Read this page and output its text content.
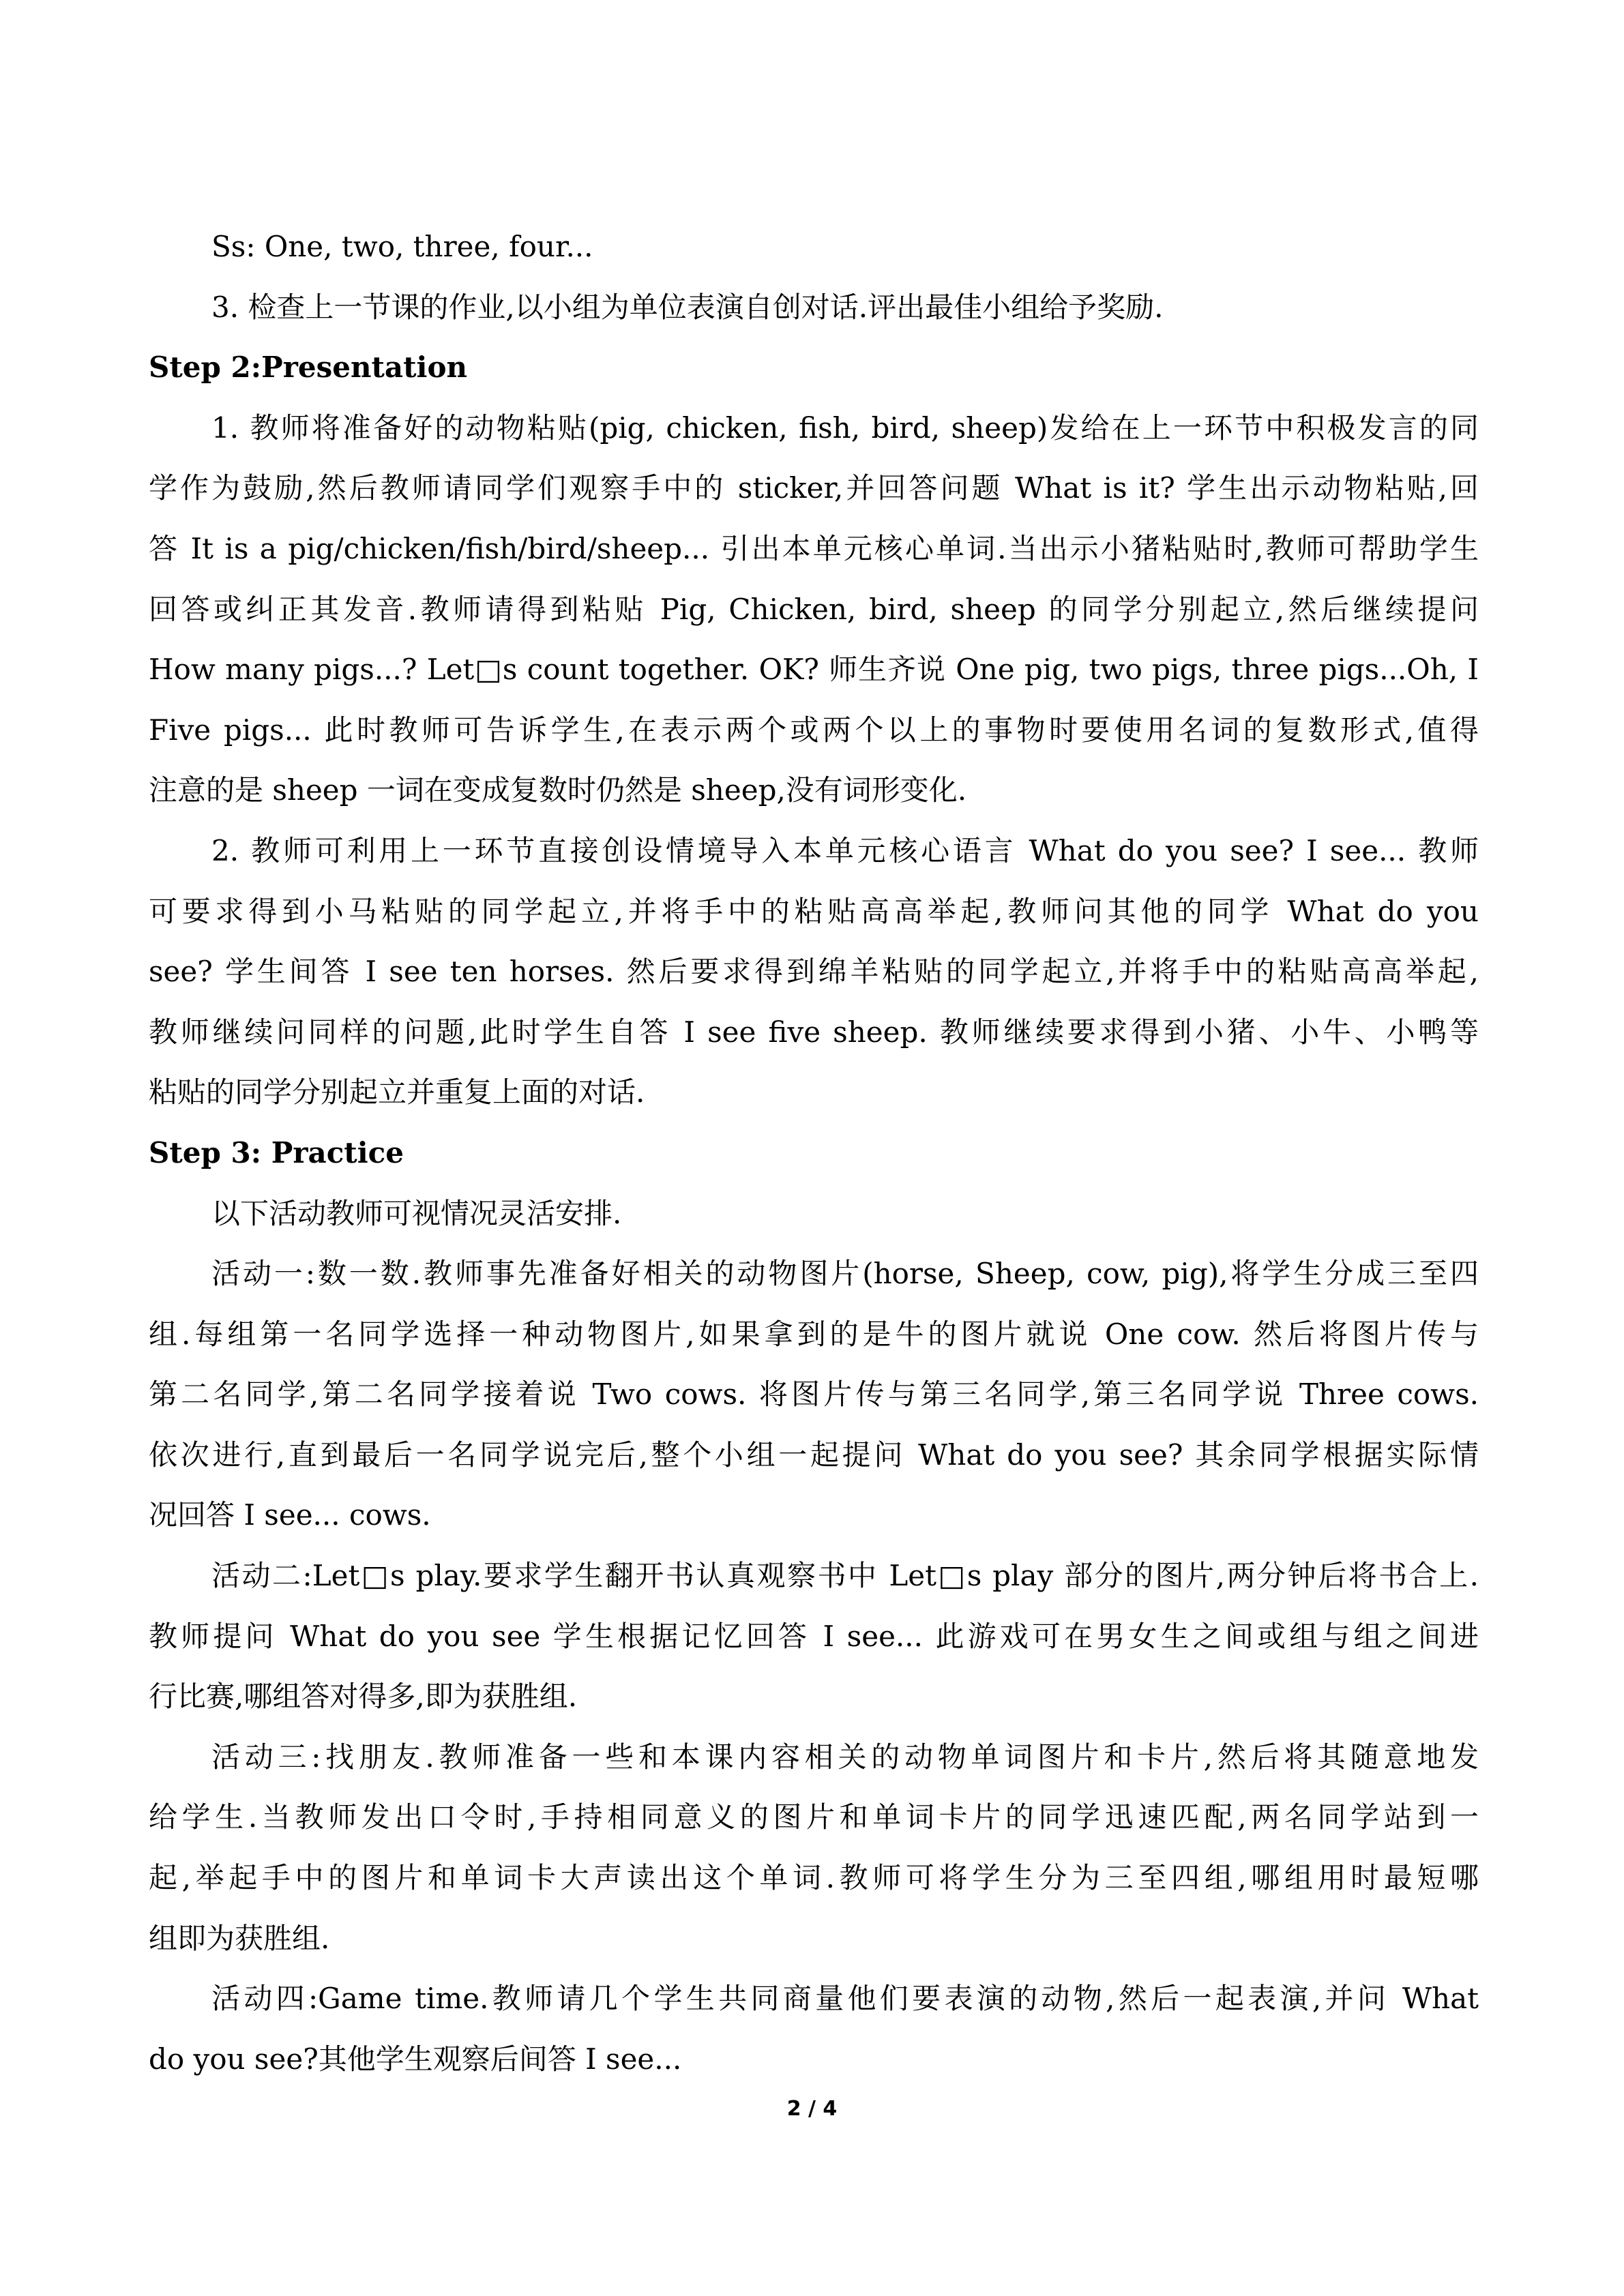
Ss: One, two, three, four...
3. 检查上一节课的作业,以小组为单位表演自创对话.评出最佳小组给予奖励.
Step 2:Presentation
1. 教师将准备好的动物粘贴(pig, chicken, fish, bird, sheep)发给在上一环节中积极发言的同
学作为鼓励,然后教师请同学们观察手中的 sticker,并回答问题 What is it? 学生出示动物粘贴,回
答 It is a pig/chicken/fish/bird/sheep... 引出本单元核心单词.当出示小猪粘贴时,教师可帮助学生
回答或纠正其发音.教师请得到粘贴 Pig, Chicken, bird, sheep 的同学分别起立,然后继续提问
How many pigs...? Let□s count together. OK? 师生齐说 One pig, two pigs, three pigs...Oh, I
Five pigs... 此时教师可告诉学生,在表示两个或两个以上的事物时要使用名词的复数形式,值得
注意的是 sheep 一词在变成复数时仍然是 sheep,没有词形变化.
2. 教师可利用上一环节直接创设情境导入本单元核心语言 What do you see? I see... 教师
可要求得到小马粘贴的同学起立,并将手中的粘贴高高举起,教师问其他的同学 What do you
see? 学生间答 I see ten horses. 然后要求得到绵羊粘贴的同学起立,并将手中的粘贴高高举起,
教师继续问同样的问题,此时学生自答 I see five sheep. 教师继续要求得到小猪、小牛、小鸭等
粘贴的同学分别起立并重复上面的对话.
Step 3: Practice
以下活动教师可视情况灵活安排.
活动一:数一数.教师事先准备好相关的动物图片(horse, Sheep, cow, pig),将学生分成三至四
组.每组第一名同学选择一种动物图片,如果拿到的是牛的图片就说 One cow. 然后将图片传与
第二名同学,第二名同学接着说 Two cows. 将图片传与第三名同学,第三名同学说 Three cows.
依次进行,直到最后一名同学说完后,整个小组一起提问 What do you see? 其余同学根据实际情
况回答 I see... cows.
活动二:Let□s play.要求学生翻开书认真观察书中 Let□s play 部分的图片,两分钟后将书合上.
教师提问 What do you see 学生根据记忆回答 I see... 此游戏可在男女生之间或组与组之间进
行比赛,哪组答对得多,即为获胜组.
活动三:找朋友.教师准备一些和本课内容相关的动物单词图片和卡片,然后将其随意地发
给学生.当教师发出口令时,手持相同意义的图片和单词卡片的同学迅速匹配,两名同学站到一
起,举起手中的图片和单词卡大声读出这个单词.教师可将学生分为三至四组,哪组用时最短哪
组即为获胜组.
活动四:Game time.教师请几个学生共同商量他们要表演的动物,然后一起表演,并问 What
do you see?其他学生观察后间答 I see...
2 / 4
